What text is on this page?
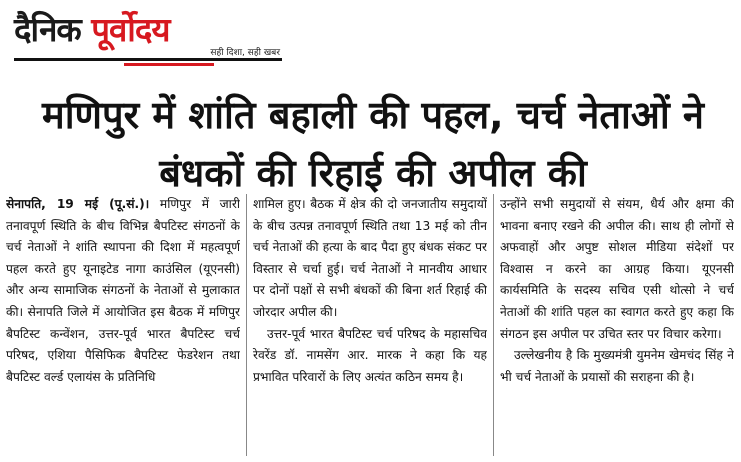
दैनिक पूर्वोदय
सही दिशा, सही खबर
मणिपुर में शांति बहाली की पहल, चर्च नेताओं ने बंधकों की रिहाई की अपील की

सेनापति, 19 मई (पू.सं.)। मणिपुर में जारी तनावपूर्ण स्थिति के बीच विभिन्न बैपटिस्ट संगठनों के चर्च नेताओं ने शांति स्थापना की दिशा में महत्वपूर्ण पहल करते हुए यूनाइटेड नागा काउंसिल (यूएनसी) और अन्य सामाजिक संगठनों के नेताओं से मुलाकात की। सेनापति जिले में आयोजित इस बैठक में मणिपुर बैपटिस्ट कन्वेंशन, उत्तर-पूर्व भारत बैपटिस्ट चर्च परिषद, एशिया पैसिफिक बैपटिस्ट फेडरेशन तथा बैपटिस्ट वर्ल्ड एलायंस के प्रतिनिधि

शामिल हुए। बैठक में क्षेत्र की दो जनजातीय समुदायों के बीच उत्पन्न तनावपूर्ण स्थिति तथा 13 मई को तीन चर्च नेताओं की हत्या के बाद पैदा हुए बंधक संकट पर विस्तार से चर्चा हुई। चर्च नेताओं ने मानवीय आधार पर दोनों पक्षों से सभी बंधकों की बिना शर्त रिहाई की जोरदार अपील की।

उत्तर-पूर्व भारत बैपटिस्ट चर्च परिषद के महासचिव रेवरेंड डॉ. नामसेंग आर. मारक ने कहा कि यह प्रभावित परिवारों के लिए अत्यंत कठिन समय है।

उन्होंने सभी समुदायों से संयम, धैर्य और क्षमा की भावना बनाए रखने की अपील की। साथ ही लोगों से अफवाहों और अपुष्ट सोशल मीडिया संदेशों पर विश्वास न करने का आग्रह किया। यूएनसी कार्यसमिति के सदस्य सचिव एसी थोत्सो ने चर्च नेताओं की शांति पहल का स्वागत करते हुए कहा कि संगठन इस अपील पर उचित स्तर पर विचार करेगा।

उल्लेखनीय है कि मुख्यमंत्री युमनेम खेमचंद सिंह ने भी चर्च नेताओं के प्रयासों की सराहना की है।
